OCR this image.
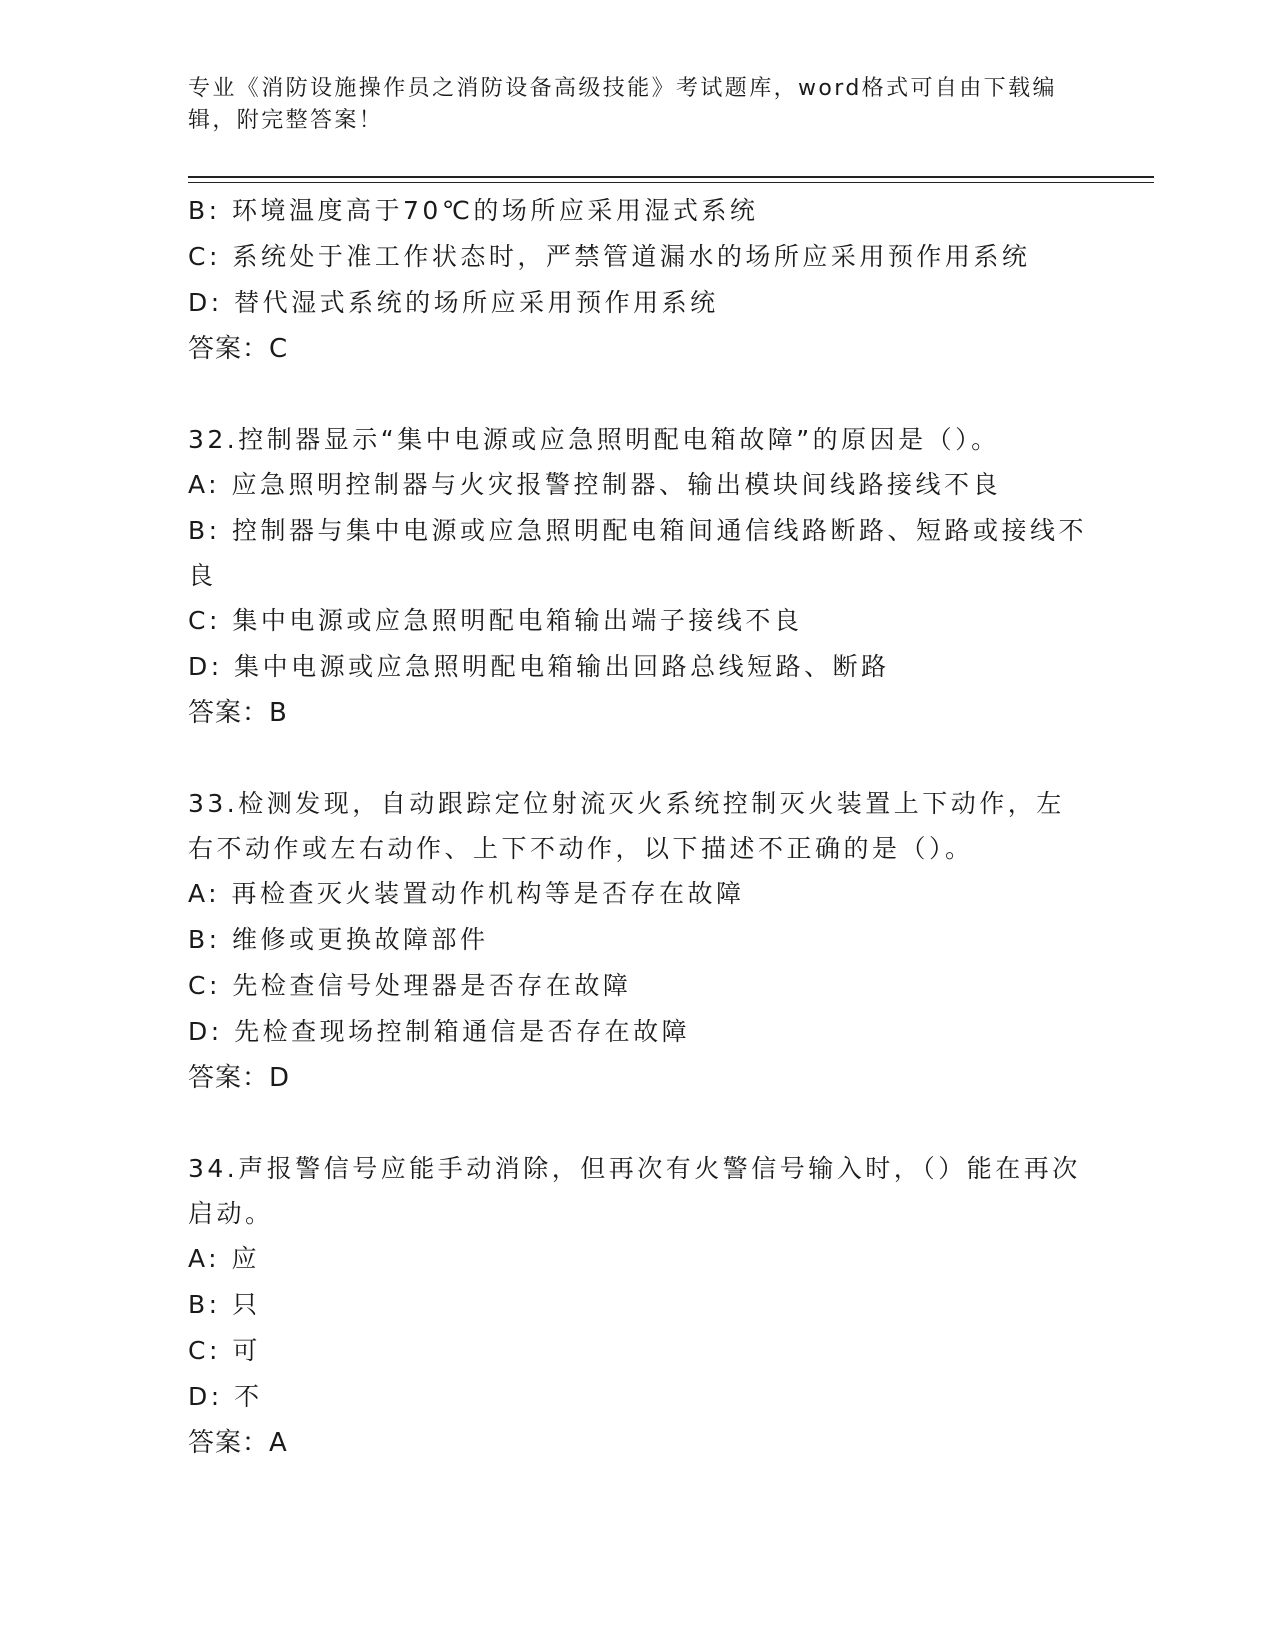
专业《消防设施操作员之消防设备高级技能》考试题库，word格式可自由下载编辑，附完整答案！
B: 环境温度高于70℃的场所应采用湿式系统
C: 系统处于准工作状态时，严禁管道漏水的场所应采用预作用系统
D: 替代湿式系统的场所应采用预作用系统
答案：C
32.控制器显示“集中电源或应急照明配电箱故障”的原因是（）。
A: 应急照明控制器与火灾报警控制器、输出模块间线路接线不良
B: 控制器与集中电源或应急照明配电箱间通信线路断路、短路或接线不良
C: 集中电源或应急照明配电箱输出端子接线不良
D: 集中电源或应急照明配电箱输出回路总线短路、断路
答案：B
33.检测发现，自动跟踪定位射流灭火系统控制灭火装置上下动作，左右不动作或左右动作、上下不动作，以下描述不正确的是（）。
A: 再检查灭火装置动作机构等是否存在故障
B: 维修或更换故障部件
C: 先检查信号处理器是否存在故障
D: 先检查现场控制箱通信是否存在故障
答案：D
34.声报警信号应能手动消除，但再次有火警信号输入时，（）能在再次启动。
A: 应
B: 只
C: 可
D: 不
答案：A
